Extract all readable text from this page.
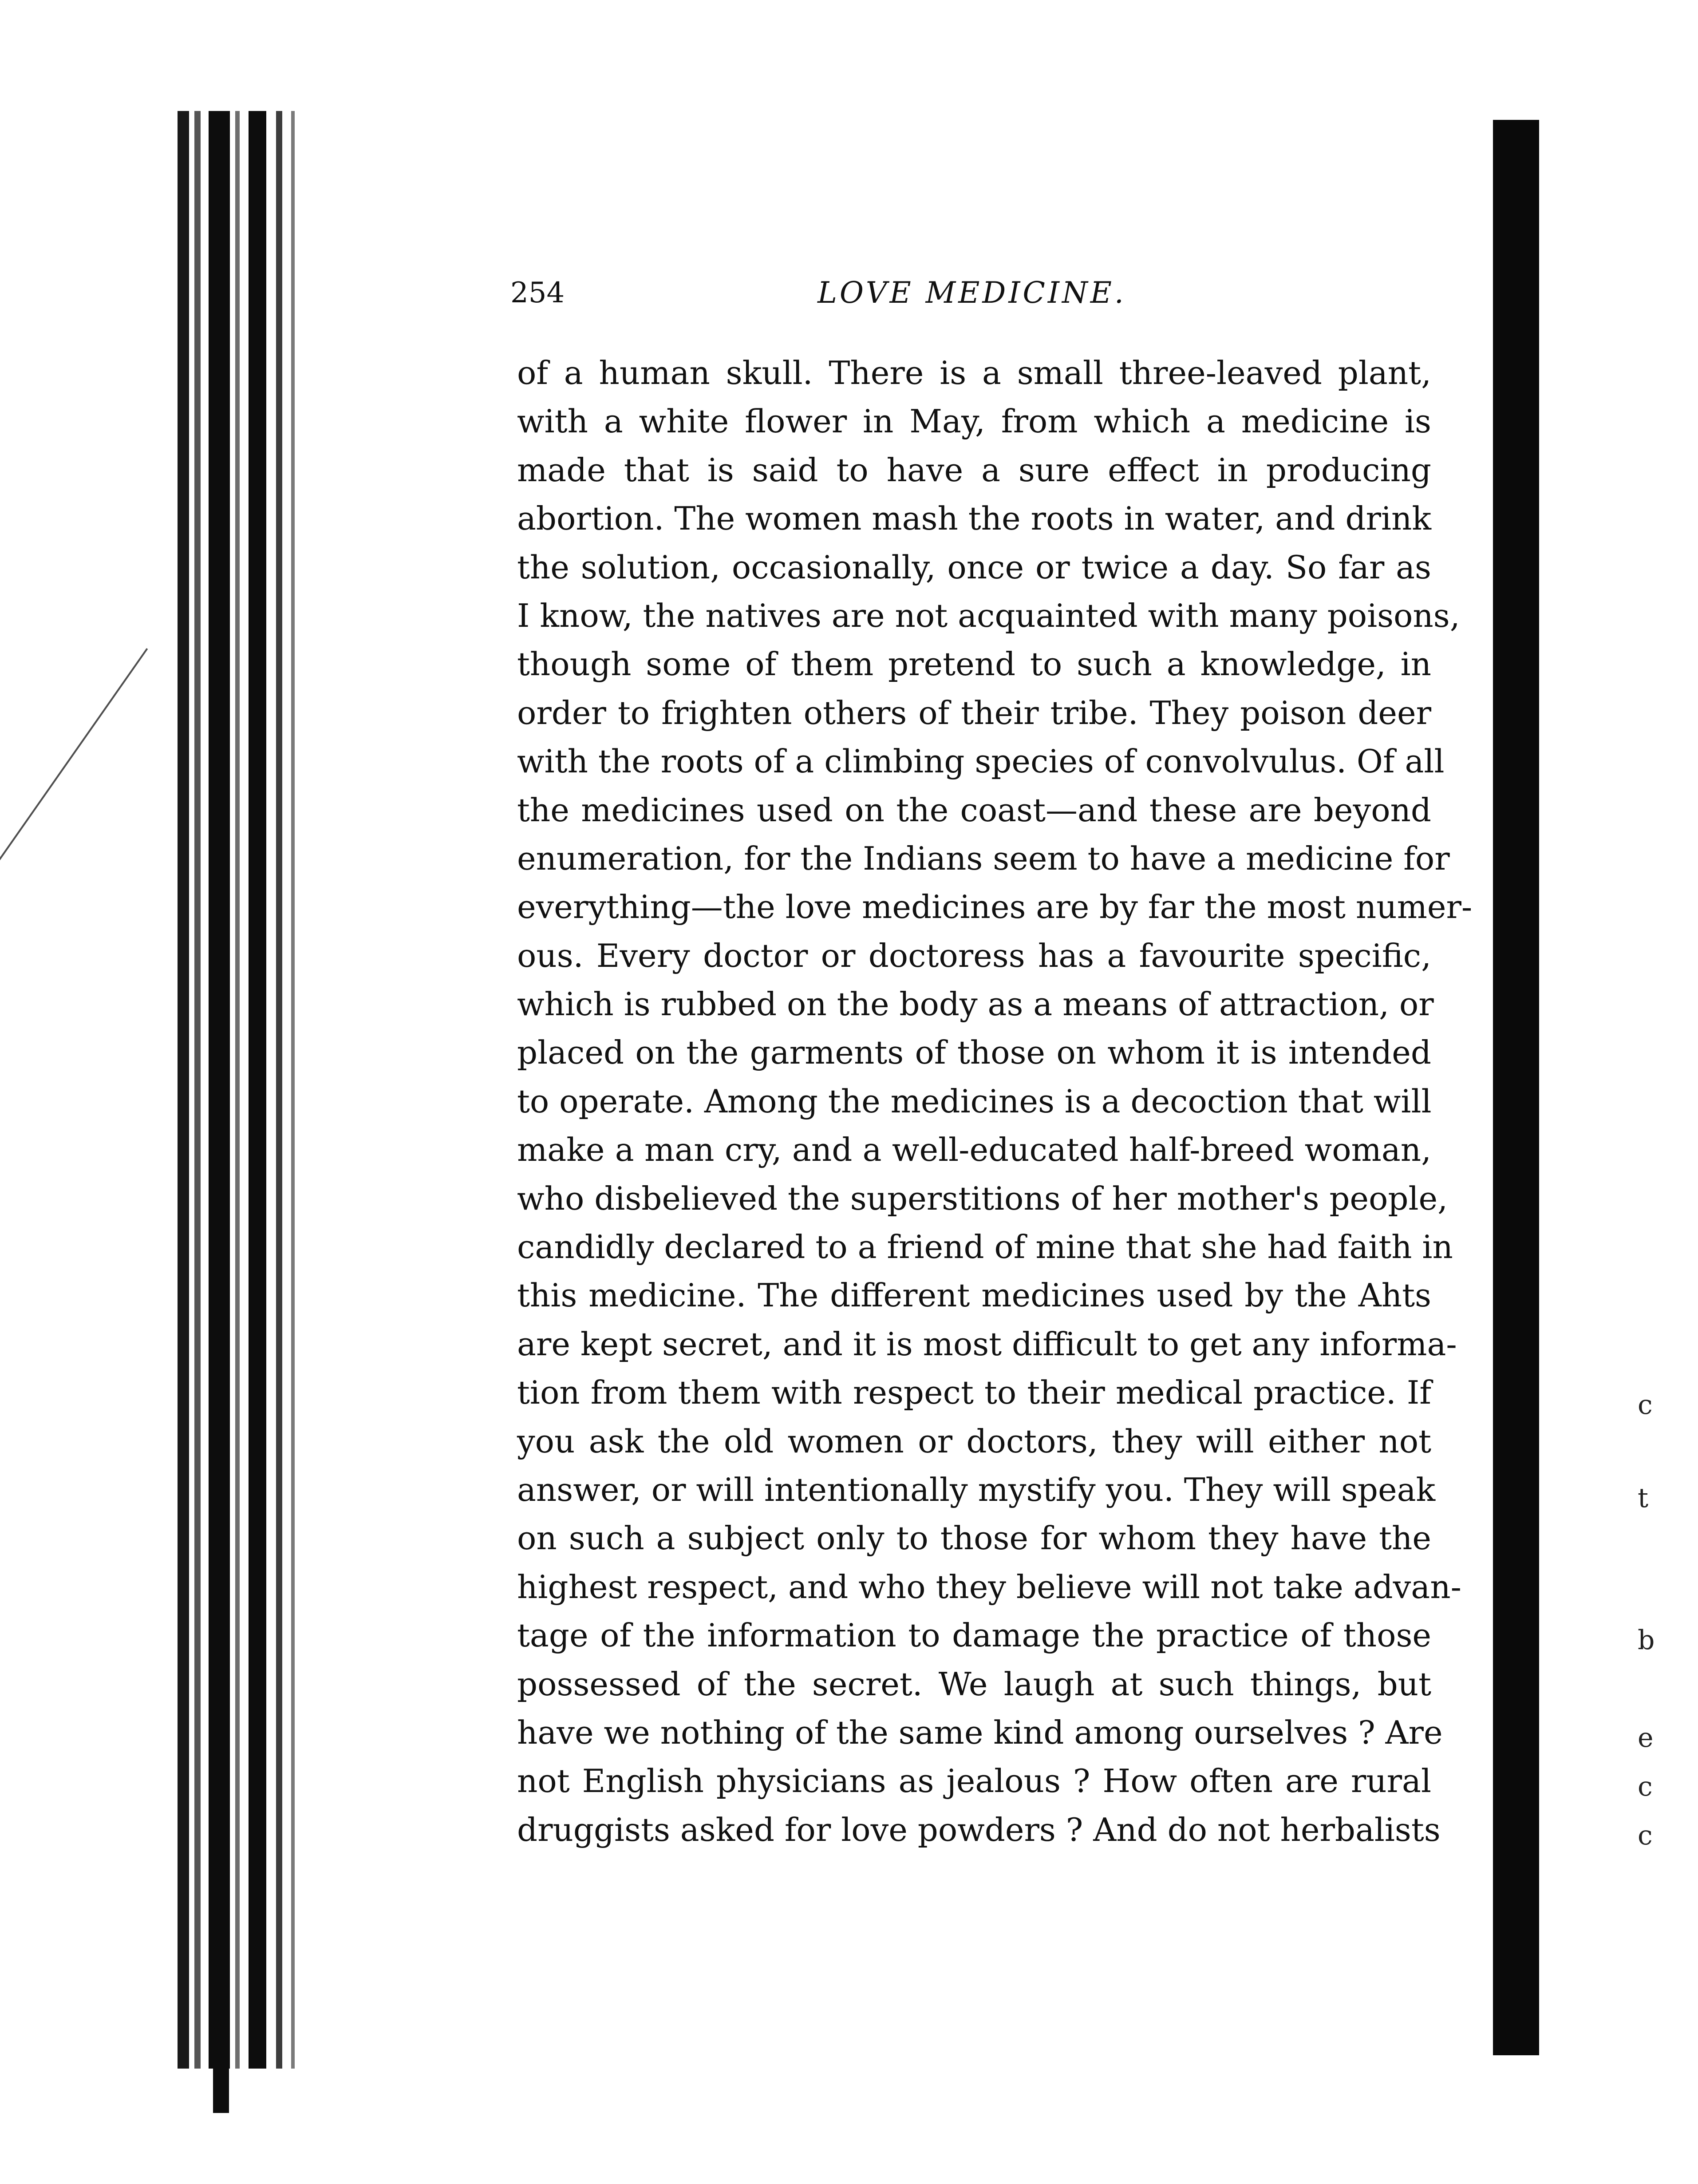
254	LOVE MEDICINE.
of a human skull. There is a small three-leaved plant,
with a white flower in May, from which a medicine is
made that is said to have a sure effect in producing
abortion. The women mash the roots in water, and drink
the solution, occasionally, once or twice a day. So far as
I know, the natives are not acquainted with many poisons,
though some of them pretend to such a knowledge, in
order to frighten others of their tribe. They poison deer
with the roots of a climbing species of convolvulus. Of all
the medicines used on the coast—and these are beyond
enumeration, for the Indians seem to have a medicine for
everything—the love medicines are by far the most numer-
ous. Every doctor or doctoress has a favourite specific,
which is rubbed on the body as a means of attraction, or
placed on the garments of those on whom it is intended
to operate. Among the medicines is a decoction that will
make a man cry, and a well-educated half-breed woman,
who disbelieved the superstitions of her mother's people,
candidly declared to a friend of mine that she had faith in
this medicine. The different medicines used by the Ahts
are kept secret, and it is most difficult to get any informa-
tion from them with respect to their medical practice. If
you ask the old women or doctors, they will either not
answer, or will intentionally mystify you. They will speak
on such a subject only to those for whom they have the
highest respect, and who they believe will not take advan-
tage of the information to damage the practice of those
possessed of the secret. We laugh at such things, but
have we nothing of the same kind among ourselves ? Are
not English physicians as jealous ? How often are rural
druggists asked for love powders ? And do not herbalists
c
t
b
e
c
c
